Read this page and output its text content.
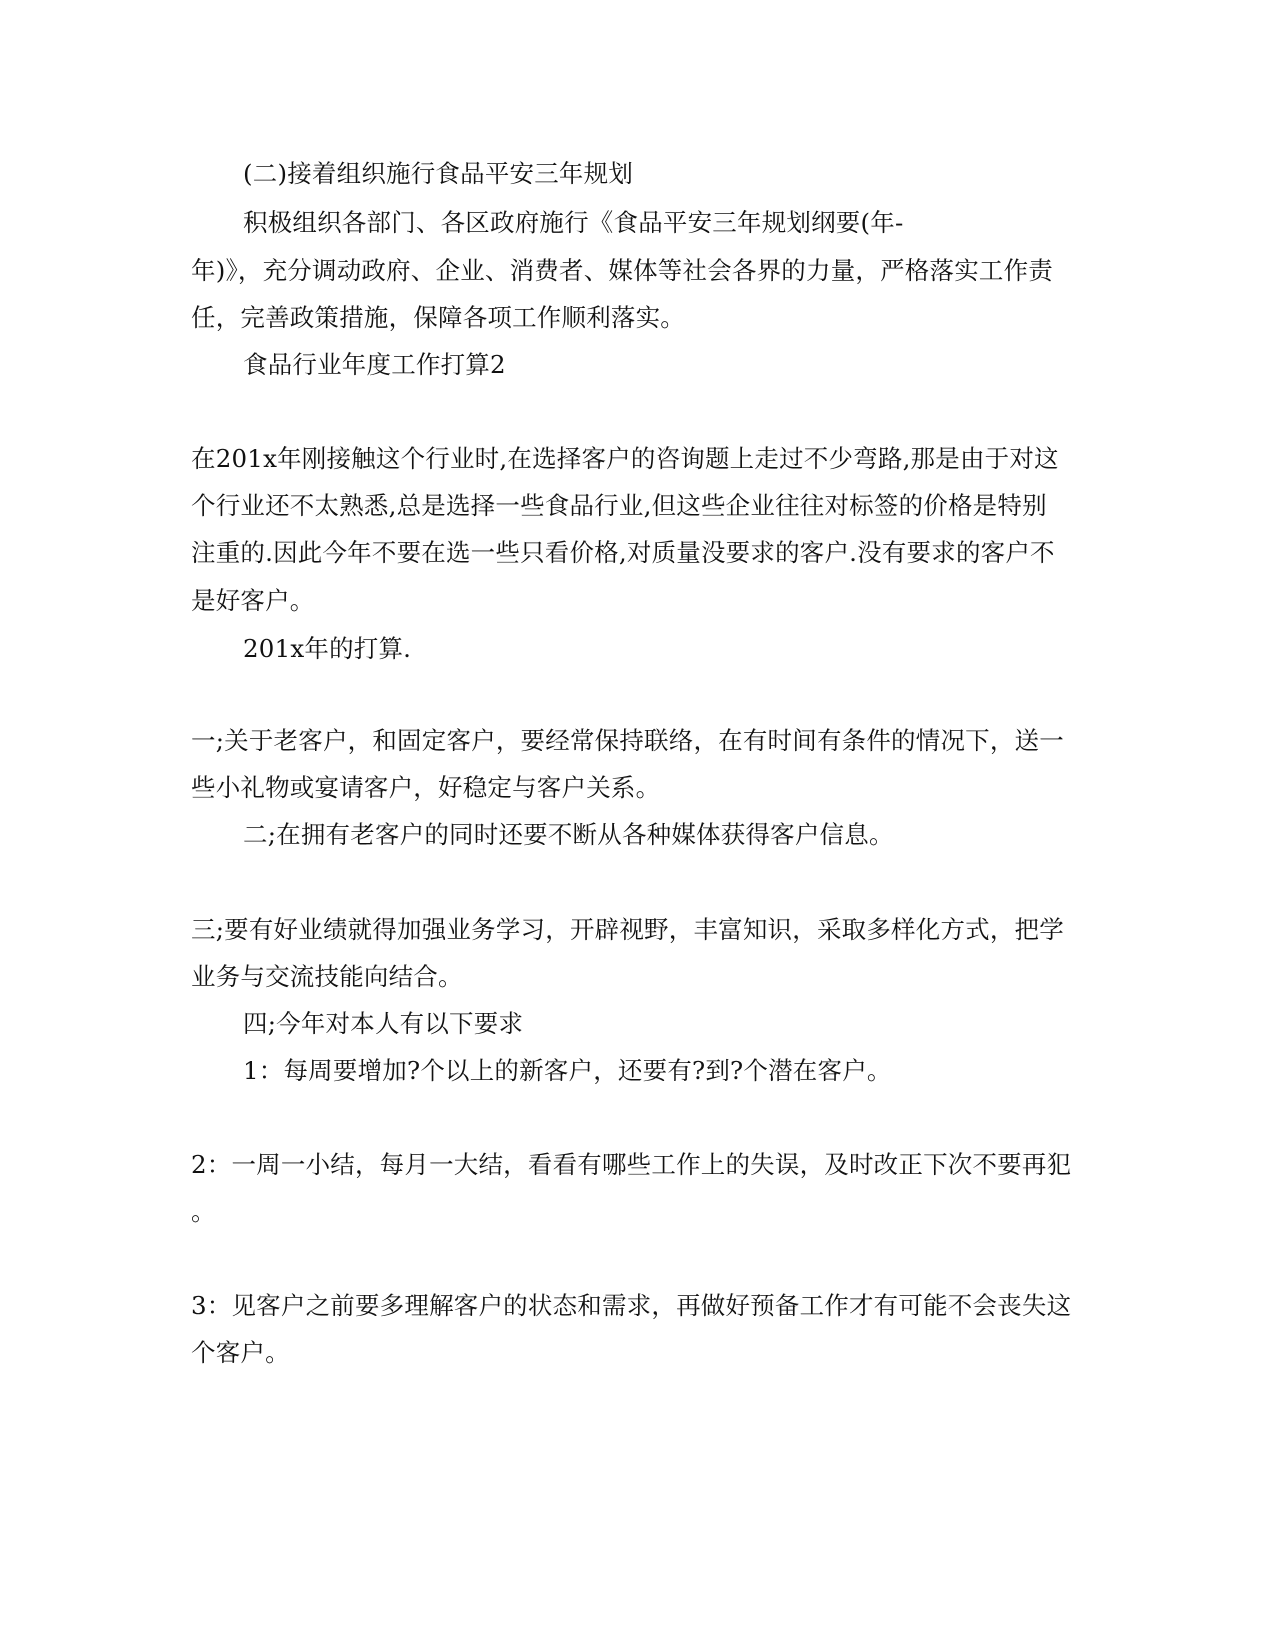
(二)接着组织施行食品平安三年规划
积极组织各部门、各区政府施行《食品平安三年规划纲要(年-
年)》，充分调动政府、企业、消费者、媒体等社会各界的力量，严格落实工作责
任，完善政策措施，保障各项工作顺利落实。
食品行业年度工作打算2
在201x年刚接触这个行业时,在选择客户的咨询题上走过不少弯路,那是由于对这
个行业还不太熟悉,总是选择一些食品行业,但这些企业往往对标签的价格是特别
注重的.因此今年不要在选一些只看价格,对质量没要求的客户.没有要求的客户不
是好客户。
201x年的打算.
一;关于老客户，和固定客户，要经常保持联络，在有时间有条件的情况下，送一
些小礼物或宴请客户，好稳定与客户关系。
二;在拥有老客户的同时还要不断从各种媒体获得客户信息。
三;要有好业绩就得加强业务学习，开辟视野，丰富知识，采取多样化方式，把学
业务与交流技能向结合。
四;今年对本人有以下要求
1：每周要增加?个以上的新客户，还要有?到?个潜在客户。
2：一周一小结，每月一大结，看看有哪些工作上的失误，及时改正下次不要再犯
。
3：见客户之前要多理解客户的状态和需求，再做好预备工作才有可能不会丧失这
个客户。
